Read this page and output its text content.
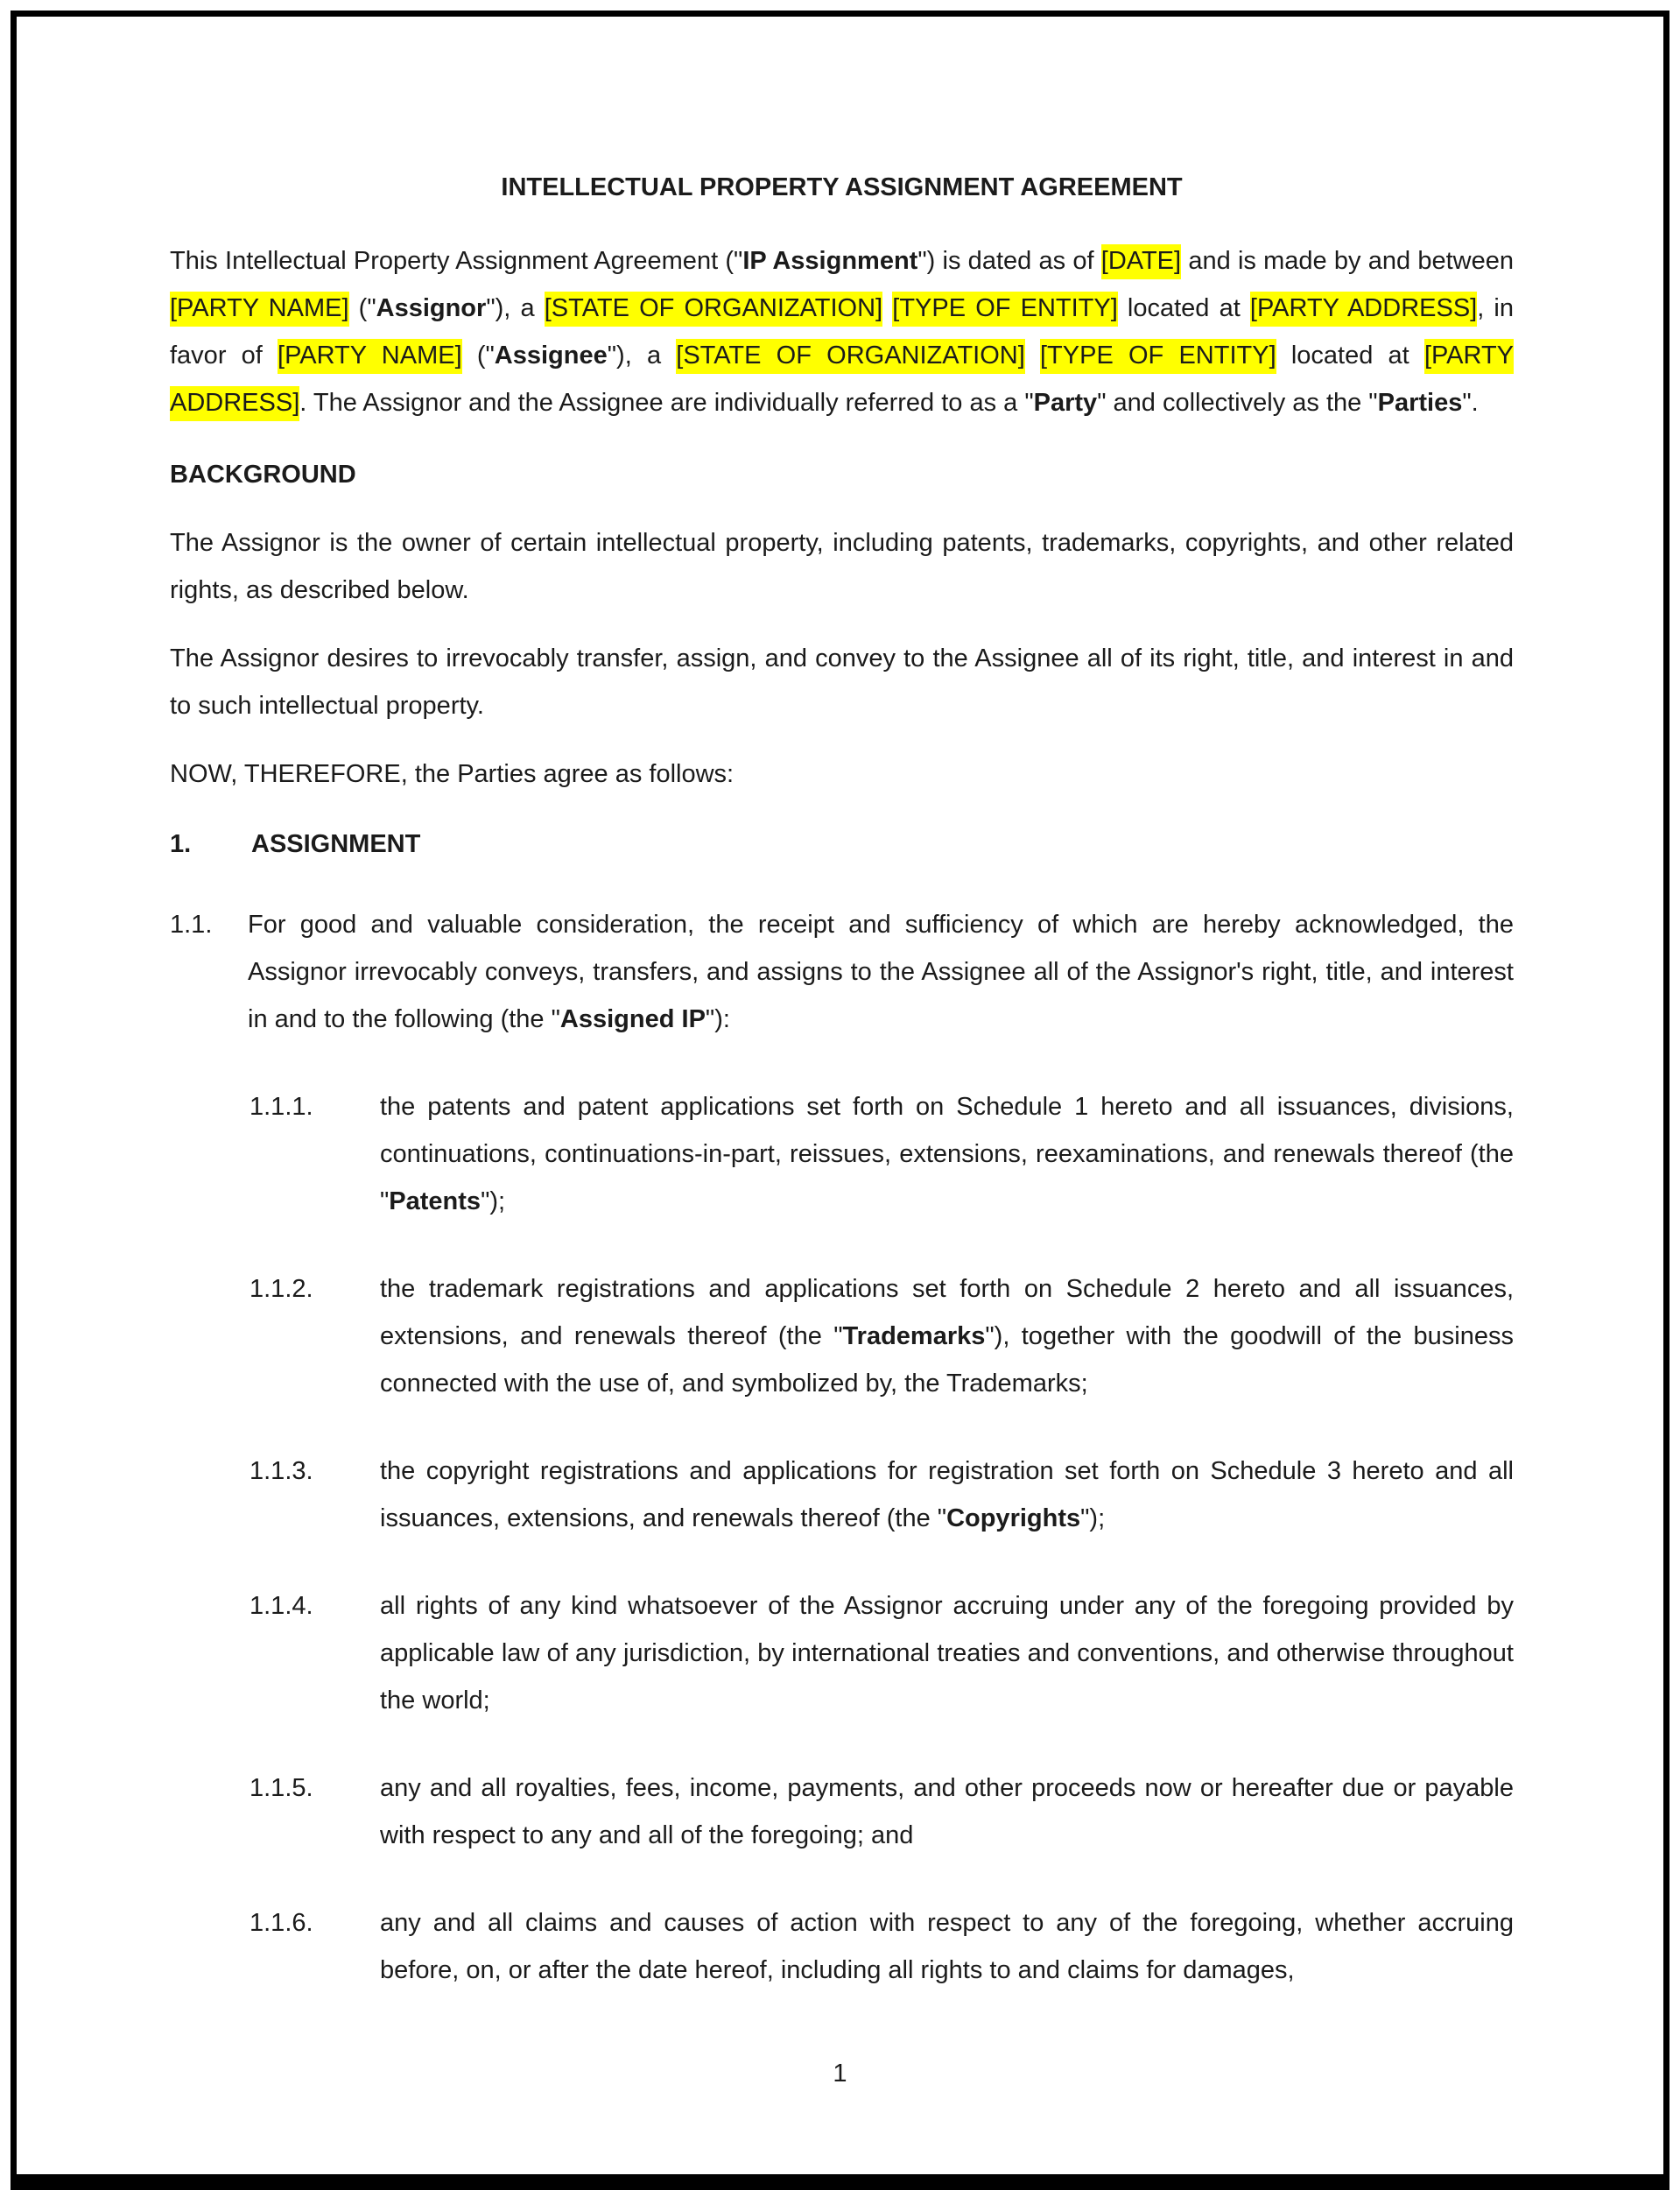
INTELLECTUAL PROPERTY ASSIGNMENT AGREEMENT

This Intellectual Property Assignment Agreement ("IP Assignment") is dated as of [DATE] and is made by and between [PARTY NAME] ("Assignor"), a [STATE OF ORGANIZATION] [TYPE OF ENTITY] located at [PARTY ADDRESS], in favor of [PARTY NAME] ("Assignee"), a [STATE OF ORGANIZATION] [TYPE OF ENTITY] located at [PARTY ADDRESS]. The Assignor and the Assignee are individually referred to as a "Party" and collectively as the "Parties".

BACKGROUND

The Assignor is the owner of certain intellectual property, including patents, trademarks, copyrights, and other related rights, as described below.

The Assignor desires to irrevocably transfer, assign, and convey to the Assignee all of its right, title, and interest in and to such intellectual property.

NOW, THEREFORE, the Parties agree as follows:

1.	ASSIGNMENT
1.1.	For good and valuable consideration, the receipt and sufficiency of which are hereby acknowledged, the Assignor irrevocably conveys, transfers, and assigns to the Assignee all of the Assignor's right, title, and interest in and to the following (the "Assigned IP"):
1.1.1.	the patents and patent applications set forth on Schedule 1 hereto and all issuances, divisions, continuations, continuations-in-part, reissues, extensions, reexaminations, and renewals thereof (the "Patents");
1.1.2.	the trademark registrations and applications set forth on Schedule 2 hereto and all issuances, extensions, and renewals thereof (the "Trademarks"), together with the goodwill of the business connected with the use of, and symbolized by, the Trademarks;
1.1.3.	the copyright registrations and applications for registration set forth on Schedule 3 hereto and all issuances, extensions, and renewals thereof (the "Copyrights");
1.1.4.	all rights of any kind whatsoever of the Assignor accruing under any of the foregoing provided by applicable law of any jurisdiction, by international treaties and conventions, and otherwise throughout the world;
1.1.5.	any and all royalties, fees, income, payments, and other proceeds now or hereafter due or payable with respect to any and all of the foregoing; and
1.1.6.	any and all claims and causes of action with respect to any of the foregoing, whether accruing before, on, or after the date hereof, including all rights to and claims for damages,
1
